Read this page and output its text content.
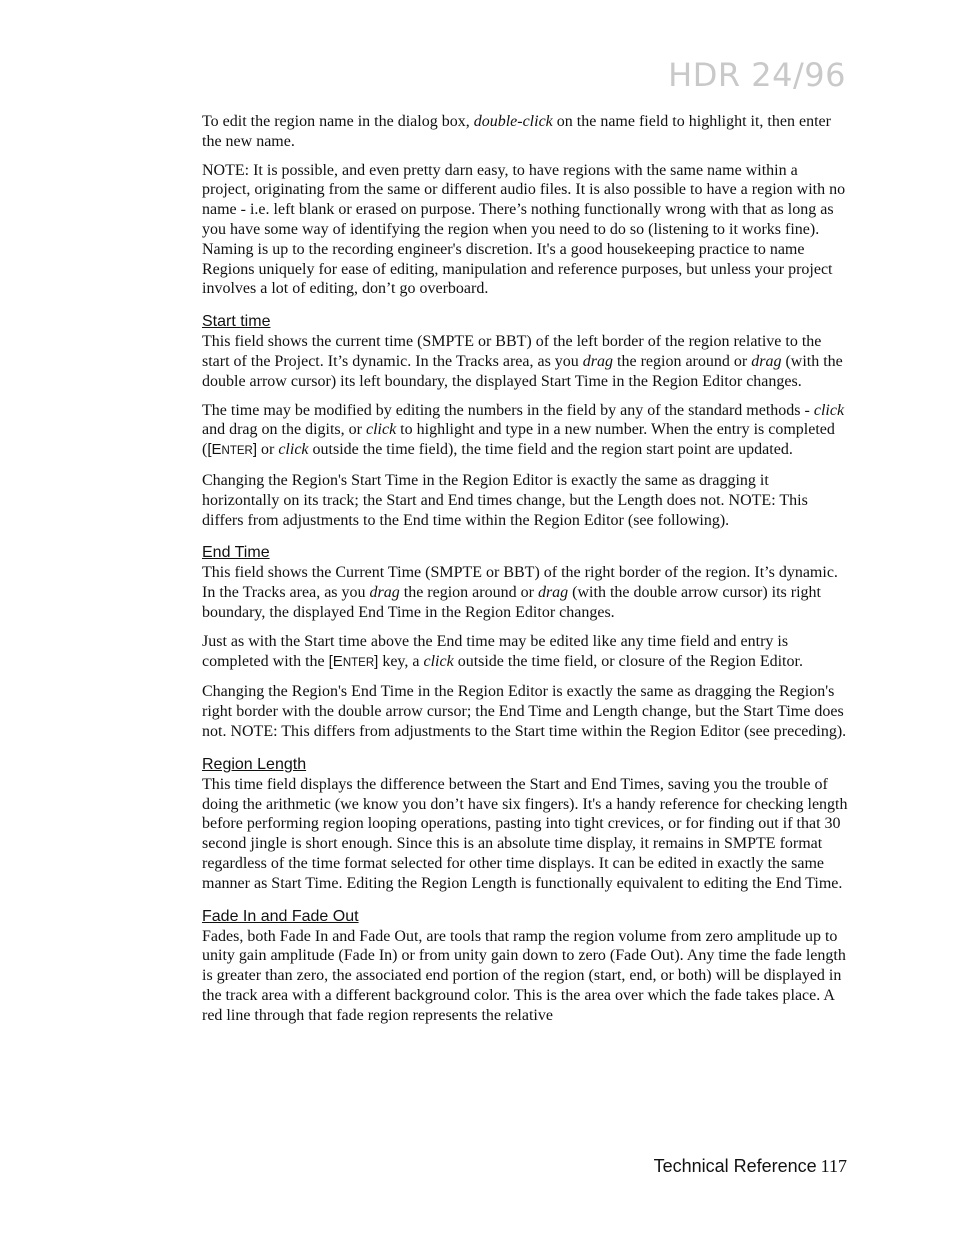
HDR 24/96

To edit the region name in the dialog box, double-click on the name field to highlight it, then enter the new name.

NOTE: It is possible, and even pretty darn easy, to have regions with the same name within a project, originating from the same or different audio files. It is also possible to have a region with no name - i.e. left blank or erased on purpose. There’s nothing functionally wrong with that as long as you have some way of identifying the region when you need to do so (listening to it works fine). Naming is up to the recording engineer's discretion. It's a good housekeeping practice to name Regions uniquely for ease of editing, manipulation and reference purposes, but unless your project involves a lot of editing, don’t go overboard.

Start time

This field shows the current time (SMPTE or BBT) of the left border of the region relative to the start of the Project. It’s dynamic. In the Tracks area, as you drag the region around or drag (with the double arrow cursor) its left boundary, the displayed Start Time in the Region Editor changes.

The time may be modified by editing the numbers in the field by any of the standard methods - click and drag on the digits, or click to highlight and type in a new number. When the entry is completed ([ENTER] or click outside the time field), the time field and the region start point are updated.

Changing the Region's Start Time in the Region Editor is exactly the same as dragging it horizontally on its track; the Start and End times change, but the Length does not. NOTE: This differs from adjustments to the End time within the Region Editor (see following).

End Time

This field shows the Current Time (SMPTE or BBT) of the right border of the region. It’s dynamic. In the Tracks area, as you drag the region around or drag (with the double arrow cursor) its right boundary, the displayed End Time in the Region Editor changes.

Just as with the Start time above the End time may be edited like any time field and entry is completed with the [ENTER] key, a click outside the time field, or closure of the Region Editor.

Changing the Region's End Time in the Region Editor is exactly the same as dragging the Region's right border with the double arrow cursor; the End Time and Length change, but the Start Time does not. NOTE: This differs from adjustments to the Start time within the Region Editor (see preceding).

Region Length

This time field displays the difference between the Start and End Times, saving you the trouble of doing the arithmetic (we know you don’t have six fingers). It's a handy reference for checking length before performing region looping operations, pasting into tight crevices, or for finding out if that 30 second jingle is short enough. Since this is an absolute time display, it remains in SMPTE format regardless of the time format selected for other time displays. It can be edited in exactly the same manner as Start Time. Editing the Region Length is functionally equivalent to editing the End Time.

Fade In and Fade Out

Fades, both Fade In and Fade Out, are tools that ramp the region volume from zero amplitude up to unity gain amplitude (Fade In) or from unity gain down to zero (Fade Out). Any time the fade length is greater than zero, the associated end portion of the region (start, end, or both) will be displayed in the track area with a different background color. This is the area over which the fade takes place. A red line through that fade region represents the relative

Technical Reference 117
